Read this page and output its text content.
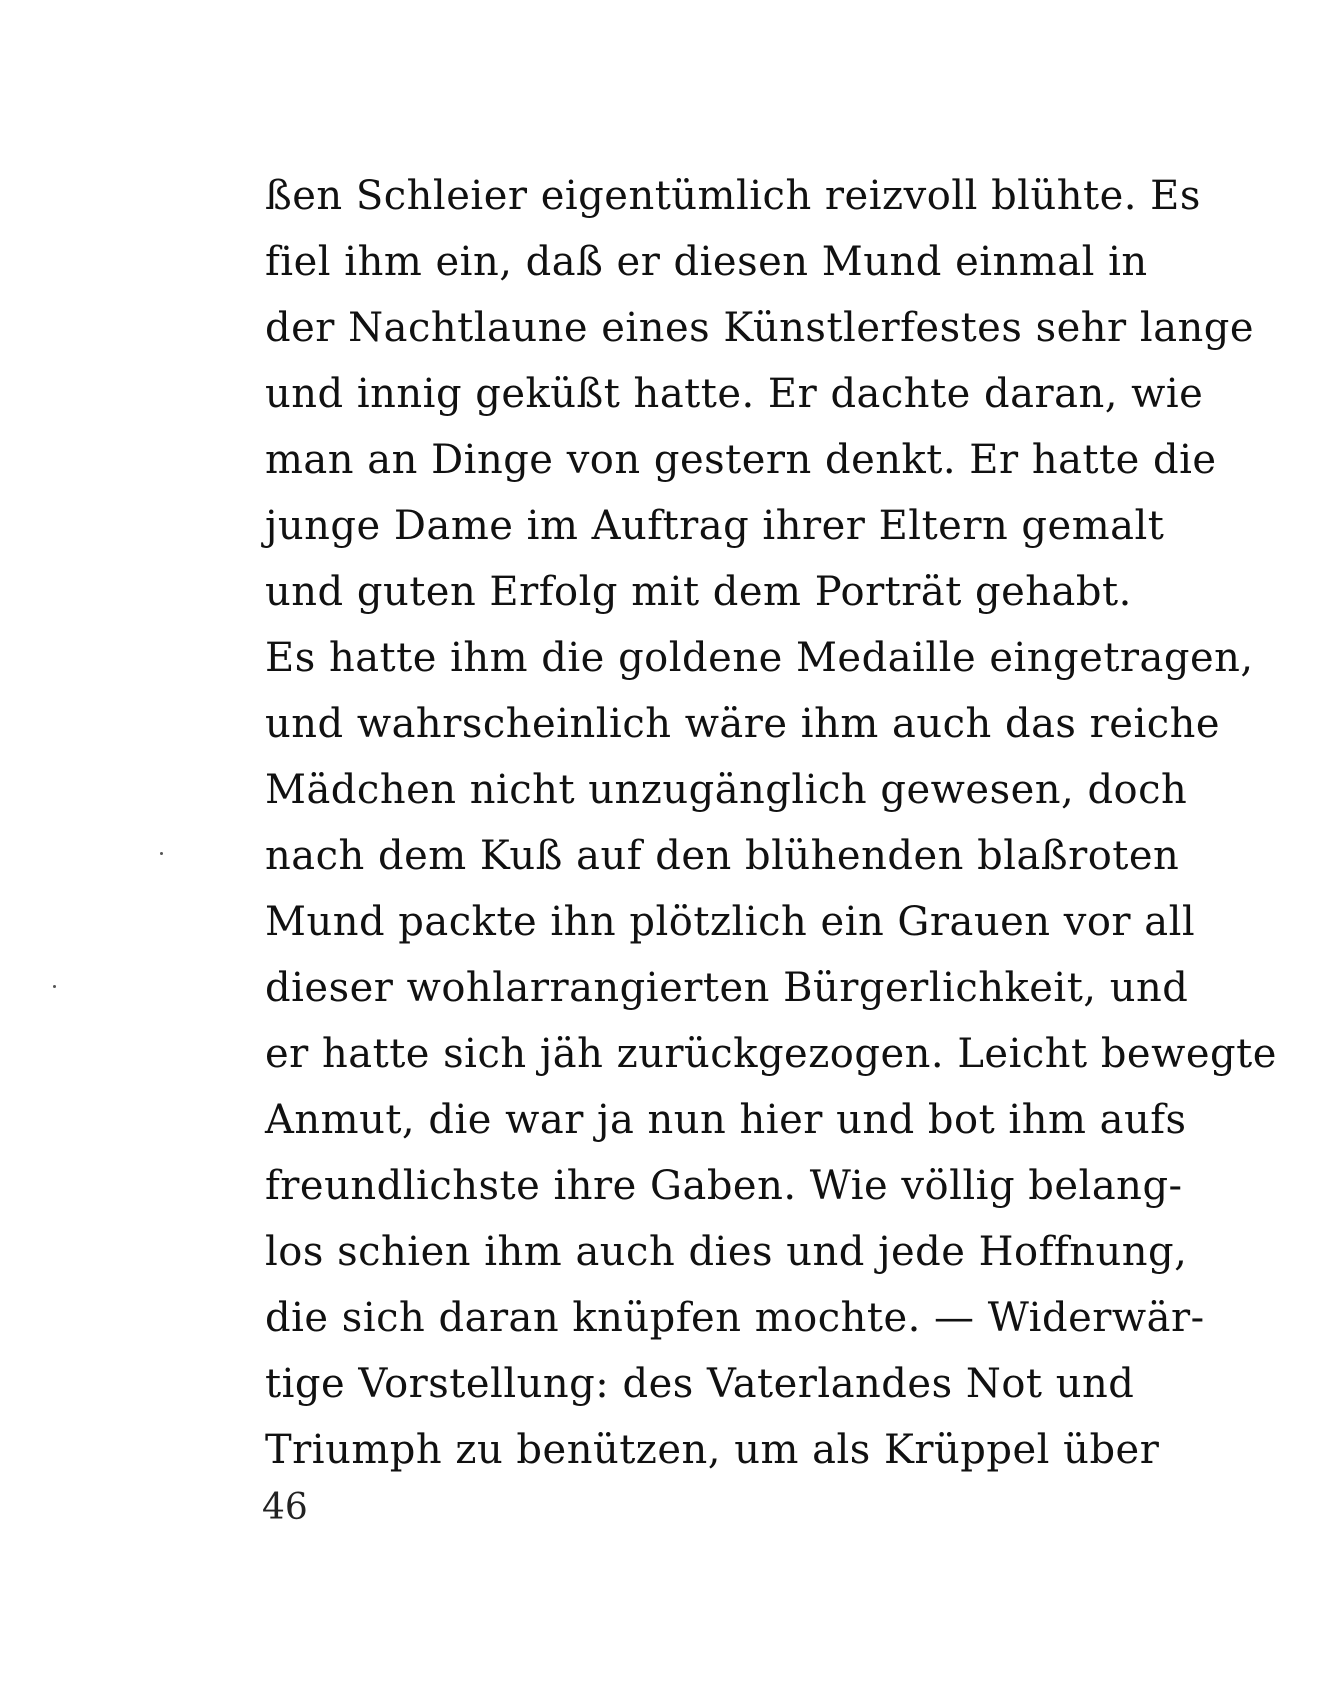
ßen Schleier eigentümlich reizvoll blühte. Es
fiel ihm ein, daß er diesen Mund einmal in
der Nachtlaune eines Künstlerfestes sehr lange
und innig geküßt hatte. Er dachte daran, wie
man an Dinge von gestern denkt. Er hatte die
junge Dame im Auftrag ihrer Eltern gemalt
und guten Erfolg mit dem Porträt gehabt.
Es hatte ihm die goldene Medaille eingetragen,
und wahrscheinlich wäre ihm auch das reiche
Mädchen nicht unzugänglich gewesen, doch
nach dem Kuß auf den blühenden blaßroten
Mund packte ihn plötzlich ein Grauen vor all
dieser wohlarrangierten Bürgerlichkeit, und
er hatte sich jäh zurückgezogen. Leicht bewegte
Anmut, die war ja nun hier und bot ihm aufs
freundlichste ihre Gaben. Wie völlig belang-
los schien ihm auch dies und jede Hoffnung,
die sich daran knüpfen mochte. — Widerwär-
tige Vorstellung: des Vaterlandes Not und
Triumph zu benützen, um als Krüppel über
46
